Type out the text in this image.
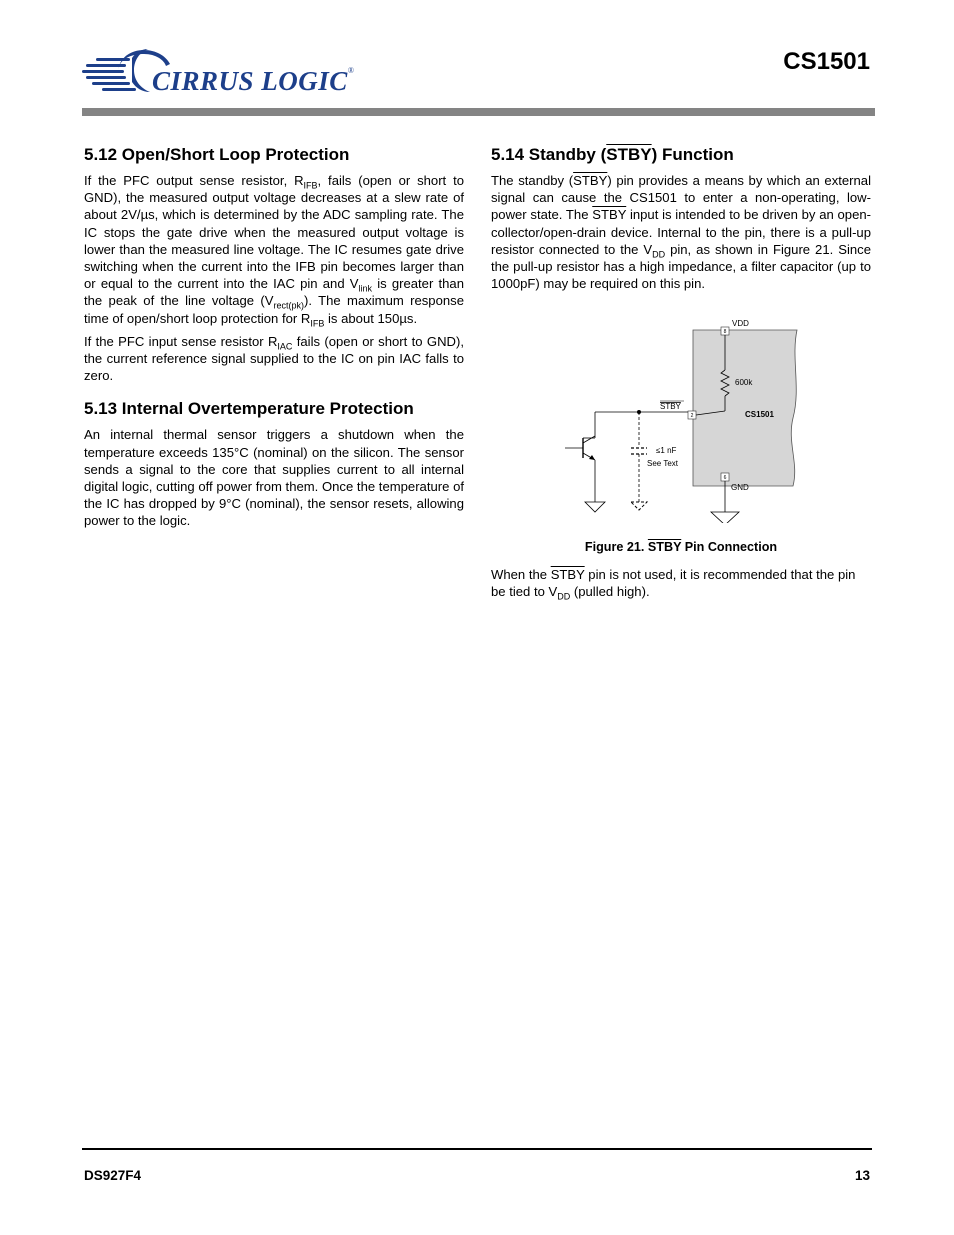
CIRRUS LOGIC®	CS1501
5.12 Open/Short Loop Protection

If the PFC output sense resistor, $R_{IFB}$, fails (open or short to GND), the measured output voltage decreases at a slew rate of about 2V/µs, which is determined by the ADC sampling rate. The IC stops the gate drive when the measured output voltage is lower than the measured line voltage. The IC resumes gate drive switching when the current into the IFB pin becomes larger than or equal to the current into the IAC pin and $V_{link}$ is greater than the peak of the line voltage $(V_{rect(pk)})$. The maximum response time of open/short loop protection for $R_{IFB}$ is about 150µs.

If the PFC input sense resistor $R_{IAC}$ fails (open or short to GND), the current reference signal supplied to the IC on pin IAC falls to zero.

5.13 Internal Overtemperature Protection

An internal thermal sensor triggers a shutdown when the temperature exceeds 135°C (nominal) on the silicon. The sensor sends a signal to the core that supplies current to all internal digital logic, cutting off power from them. Once the temperature of the IC has dropped by 9°C (nominal), the sensor resets, allowing power to the logic.

5.14 Standby (STBY) Function

The standby (STBY) pin provides a means by which an external signal can cause the CS1501 to enter a non-operating, low-power state. The STBY input is intended to be driven by an open-collector/open-drain device. Internal to the pin, there is a pull-up resistor connected to the $V_{DD}$ pin, as shown in Figure 21. Since the pull-up resistor has a high impedance, a filter capacitor (up to 1000pF) may be required on this pin.

8
VDD
600k
2
STBY
CS1501
≤1 nF
See Text
6
GND
Figure 21. STBY Pin Connection
When the STBY pin is not used, it is recommended that the pin be tied to $V_{DD}$ (pulled high).
DS927F4	13
